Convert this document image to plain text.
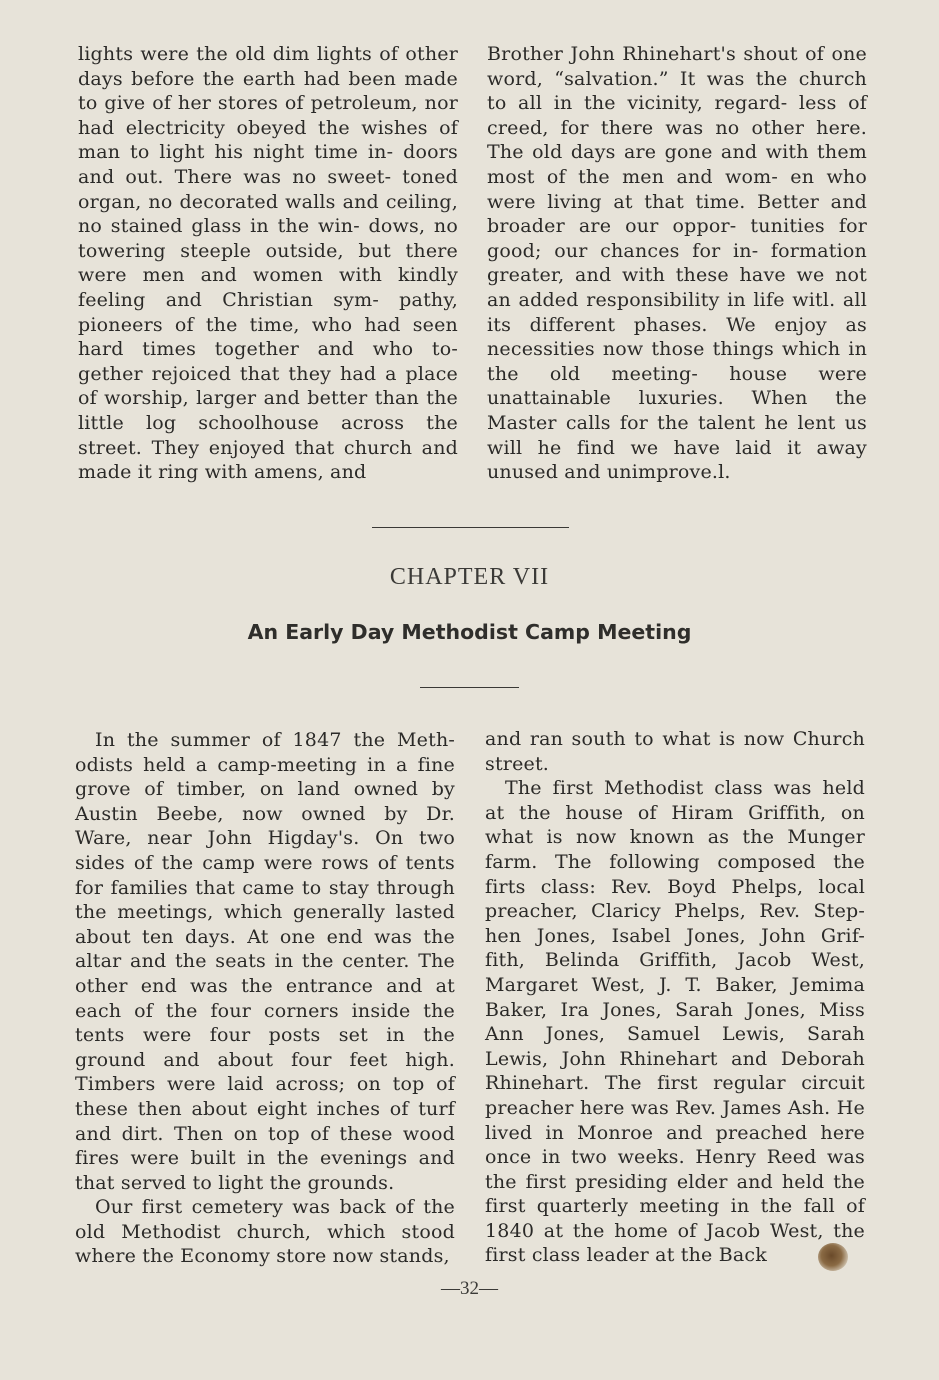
lights were the old dim lights of other days before the earth had been made to give of her stores of petroleum, nor had electricity obeyed the wishes of man to light his night time in- doors and out. There was no sweet- toned organ, no decorated walls and ceiling, no stained glass in the win- dows, no towering steeple outside, but there were men and women with kindly feeling and Christian sym- pathy, pioneers of the time, who had seen hard times together and who to- gether rejoiced that they had a place of worship, larger and better than the little log schoolhouse across the street. They enjoyed that church and made it ring with amens, and

Brother John Rhinehart's shout of one word, “salvation.” It was the church to all in the vicinity, regard- less of creed, for there was no other here. The old days are gone and with them most of the men and wom- en who were living at that time. Better and broader are our oppor- tunities for good; our chances for in- formation greater, and with these have we not an added responsibility in life witl. all its different phases. We enjoy as necessities now those things which in the old meeting- house were unattainable luxuries. When the Master calls for the talent he lent us will he find we have laid it away unused and unimprove.l.

CHAPTER VII
An Early Day Methodist Camp Meeting

In the summer of 1847 the Meth- odists held a camp-meeting in a fine grove of timber, on land owned by Austin Beebe, now owned by Dr. Ware, near John Higday's. On two sides of the camp were rows of tents for families that came to stay through the meetings, which generally lasted about ten days. At one end was the altar and the seats in the center. The other end was the entrance and at each of the four corners inside the tents were four posts set in the ground and about four feet high. Timbers were laid across; on top of these then about eight inches of turf and dirt. Then on top of these wood fires were built in the evenings and that served to light the grounds.

Our first cemetery was back of the old Methodist church, which stood where the Economy store now stands,

and ran south to what is now Church street.

The first Methodist class was held at the house of Hiram Griffith, on what is now known as the Munger farm. The following composed the firts class: Rev. Boyd Phelps, local preacher, Claricy Phelps, Rev. Step- hen Jones, Isabel Jones, John Grif- fith, Belinda Griffith, Jacob West, Margaret West, J. T. Baker, Jemima Baker, Ira Jones, Sarah Jones, Miss Ann Jones, Samuel Lewis, Sarah Lewis, John Rhinehart and Deborah Rhinehart. The first regular circuit preacher here was Rev. James Ash. He lived in Monroe and preached here once in two weeks. Henry Reed was the first presiding elder and held the first quarterly meeting in the fall of 1840 at the home of Jacob West, the first class leader at the Back

—32—
